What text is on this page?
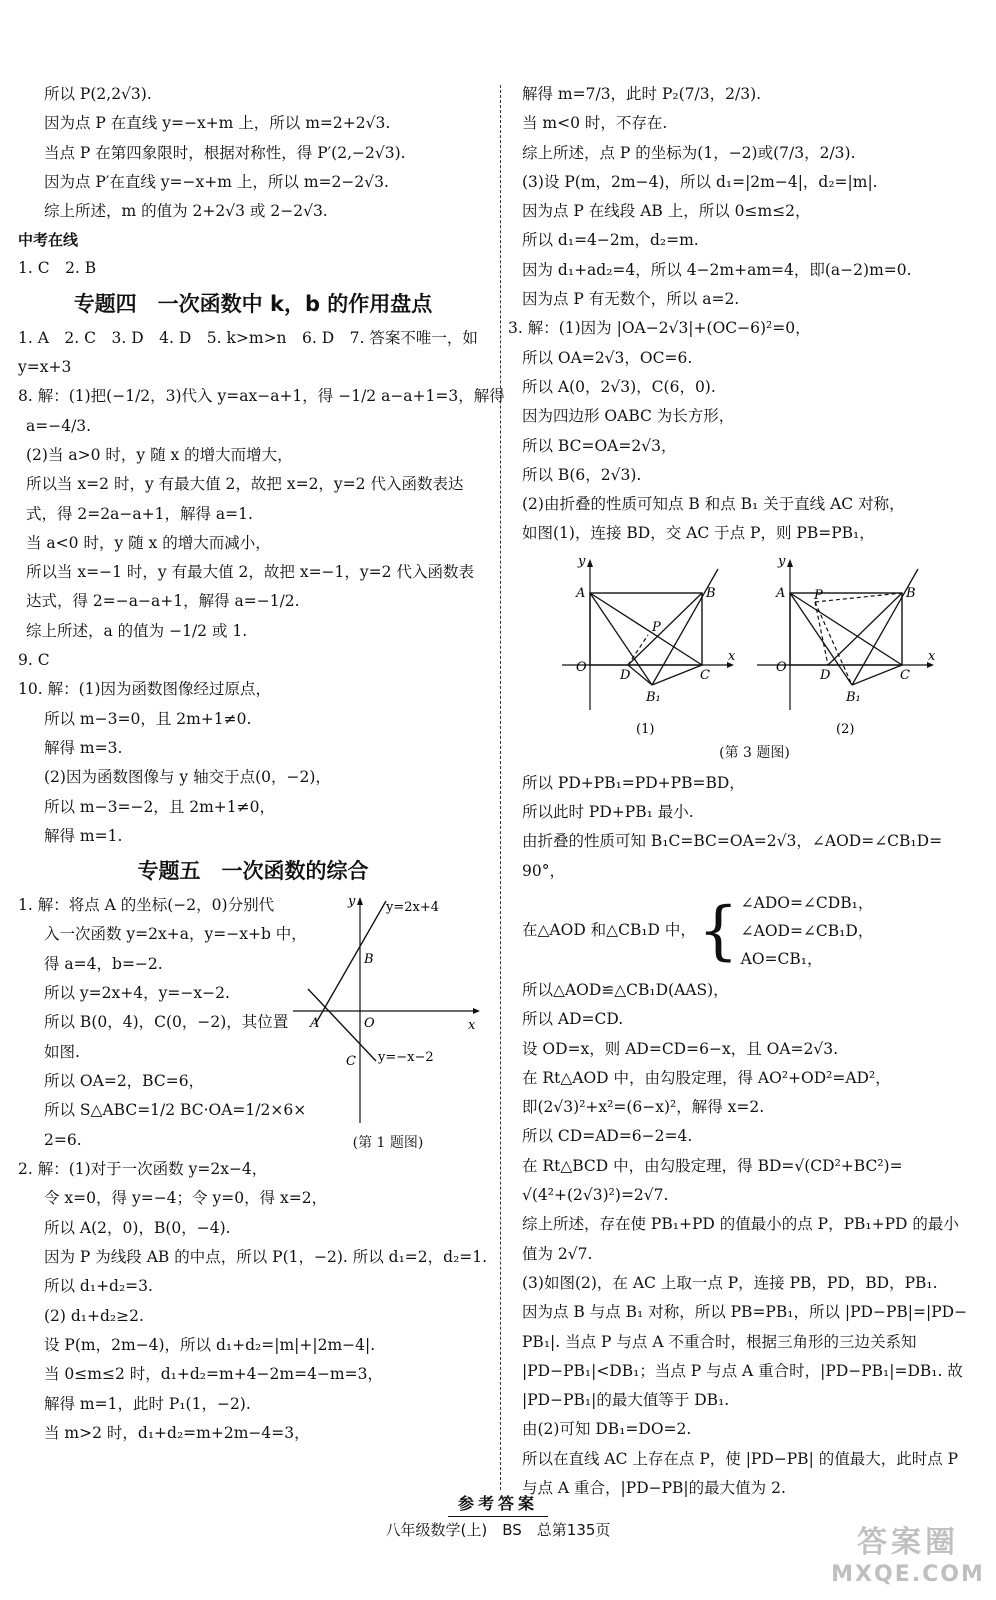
所以 P(2,2√3).
因为点 P 在直线 y=−x+m 上，所以 m=2+2√3.
当点 P 在第四象限时，根据对称性，得 P′(2,−2√3).
因为点 P′在直线 y=−x+m 上，所以 m=2−2√3.
综上所述，m 的值为 2+2√3 或 2−2√3.
中考在线
1. C　2. B
专题四　一次函数中 k，b 的作用盘点
1. A　2. C　3. D　4. D　5. k>m>n　6. D　7. 答案不唯一，如
y=x+3
8. 解：(1)把(−1/2，3)代入 y=ax−a+1，得 −1/2 a−a+1=3，解得
a=−4/3.
(2)当 a>0 时，y 随 x 的增大而增大，
所以当 x=2 时，y 有最大值 2，故把 x=2，y=2 代入函数表达
式，得 2=2a−a+1，解得 a=1.
当 a<0 时，y 随 x 的增大而减小，
所以当 x=−1 时，y 有最大值 2，故把 x=−1，y=2 代入函数表
达式，得 2=−a−a+1，解得 a=−1/2.
综上所述，a 的值为 −1/2 或 1.
9. C
10. 解：(1)因为函数图像经过原点，
所以 m−3=0，且 2m+1≠0.
解得 m=3.
(2)因为函数图像与 y 轴交于点(0，−2)，
所以 m−3=−2，且 2m+1≠0，
解得 m=1.
专题五　一次函数的综合
1. 解：将点 A 的坐标(−2，0)分别代
入一次函数 y=2x+a，y=−x+b 中，
得 a=4，b=−2.
所以 y=2x+4，y=−x−2.
所以 B(0，4)，C(0，−2)，其位置
如图.
所以 OA=2，BC=6，
所以 S△ABC=1/2 BC·OA=1/2×6×
2=6.
y=2x+4
y=−x−2
y
x
O
A
B
C
(第 1 题图)
2. 解：(1)对于一次函数 y=2x−4，
令 x=0，得 y=−4；令 y=0，得 x=2，
所以 A(2，0)，B(0，−4).
因为 P 为线段 AB 的中点，所以 P(1，−2). 所以 d₁=2，d₂=1.
所以 d₁+d₂=3.
(2) d₁+d₂≥2.
设 P(m，2m−4)，所以 d₁+d₂=|m|+|2m−4|.
当 0≤m≤2 时，d₁+d₂=m+4−2m=4−m=3，
解得 m=1，此时 P₁(1，−2).
当 m>2 时，d₁+d₂=m+2m−4=3，
解得 m=7/3，此时 P₂(7/3，2/3).
当 m<0 时，不存在.
综上所述，点 P 的坐标为(1，−2)或(7/3，2/3).
(3)设 P(m，2m−4)，所以 d₁=|2m−4|，d₂=|m|.
因为点 P 在线段 AB 上，所以 0≤m≤2，
所以 d₁=4−2m，d₂=m.
因为 d₁+ad₂=4，所以 4−2m+am=4，即(a−2)m=0.
因为点 P 有无数个，所以 a=2.
3. 解：(1)因为 |OA−2√3|+(OC−6)²=0，
所以 OA=2√3，OC=6.
所以 A(0，2√3)，C(6，0).
因为四边形 OABC 为长方形，
所以 BC=OA=2√3，
所以 B(6，2√3).
(2)由折叠的性质可知点 B 和点 B₁ 关于直线 AC 对称，
如图(1)，连接 BD，交 AC 于点 P，则 PB=PB₁，
y
x
O
A	B
C
D
P
B₁
y
x
O
A	B
C
D
P
B₁
(1)	(2)
(第 3 题图)
所以 PD+PB₁=PD+PB=BD，
所以此时 PD+PB₁ 最小.
由折叠的性质可知 B₁C=BC=OA=2√3，∠AOD=∠CB₁D=
90°，
在△AOD 和△CB₁D 中， { ∠ADO=∠CDB₁，
∠AOD=∠CB₁D，
AO=CB₁，
所以△AOD≌△CB₁D(AAS)，
所以 AD=CD.
设 OD=x，则 AD=CD=6−x，且 OA=2√3.
在 Rt△AOD 中，由勾股定理，得 AO²+OD²=AD²，
即(2√3)²+x²=(6−x)²，解得 x=2.
所以 CD=AD=6−2=4.
在 Rt△BCD 中，由勾股定理，得 BD=√(CD²+BC²)=
√(4²+(2√3)²)=2√7.
综上所述，存在使 PB₁+PD 的值最小的点 P，PB₁+PD 的最小
值为 2√7.
(3)如图(2)，在 AC 上取一点 P，连接 PB，PD，BD，PB₁.
因为点 B 与点 B₁ 对称，所以 PB=PB₁，所以 |PD−PB|=|PD−
PB₁|. 当点 P 与点 A 不重合时，根据三角形的三边关系知
|PD−PB₁|<DB₁；当点 P 与点 A 重合时，|PD−PB₁|=DB₁. 故
|PD−PB₁|的最大值等于 DB₁.
由(2)可知 DB₁=DO=2.
所以在直线 AC 上存在点 P，使 |PD−PB| 的值最大，此时点 P
与点 A 重合，|PD−PB|的最大值为 2.
参考答案
八年级数学(上)　BS　总第135页	答案圈
MXQE.COM
